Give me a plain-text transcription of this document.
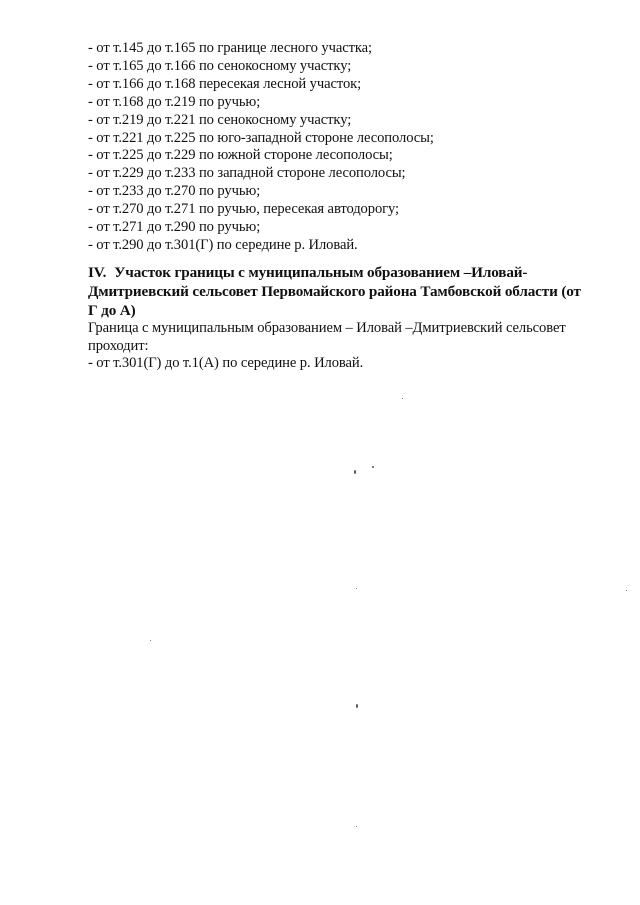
- от т.145 до т.165 по границе лесного участка;
- от т.165 до т.166 по сенокосному участку;
- от т.166 до т.168 пересекая лесной участок;
- от т.168 до т.219 по ручью;
- от т.219 до т.221 по сенокосному участку;
- от т.221 до т.225 по юго-западной стороне лесополосы;
- от т.225 до т.229 по южной стороне лесополосы;
- от т.229 до т.233 по западной стороне лесополосы;
- от т.233 до т.270 по ручью;
- от т.270 до т.271 по ручью, пересекая автодорогу;
- от т.271 до т.290 по ручью;
- от т.290 до т.301(Г) по середине р. Иловай.
IV. Участок границы с муниципальным образованием –Иловай-
Дмитриевский сельсовет Первомайского района Тамбовской области (от
Г до А)
Граница с муниципальным образованием – Иловай –Дмитриевский сельсовет
проходит:
- от т.301(Г) до т.1(А) по середине р. Иловай.
